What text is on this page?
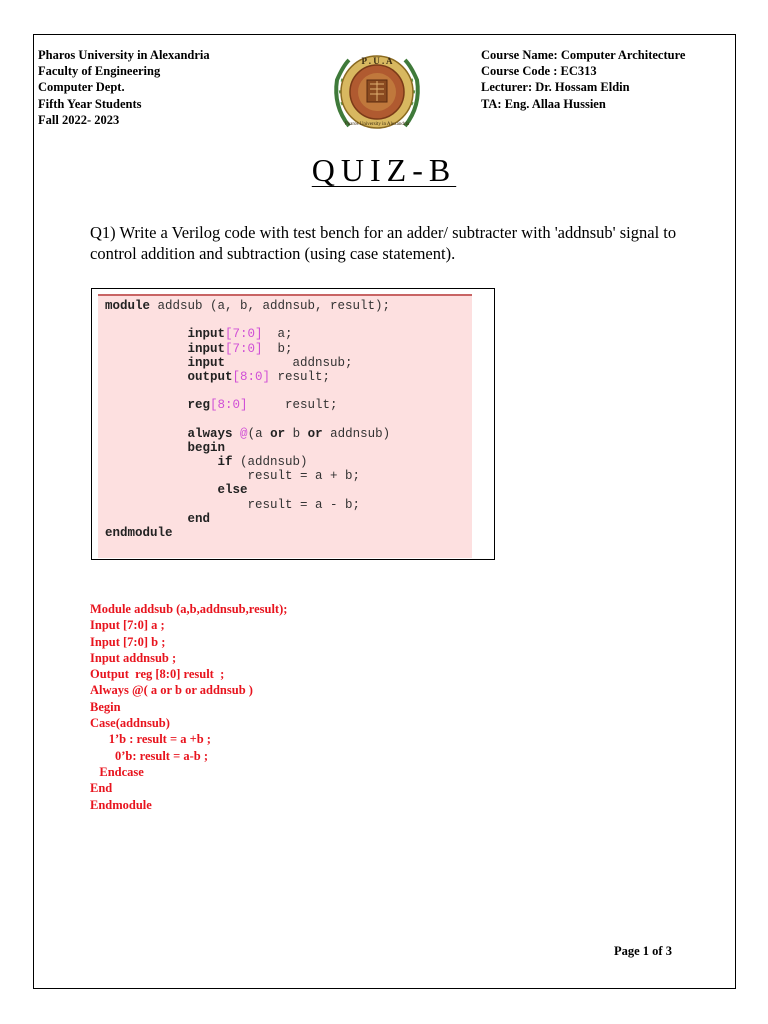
Pharos University in Alexandria
Faculty of Engineering
Computer Dept.
Fifth Year Students
Fall 2022- 2023
P . U . A
Pharos University in Alexandria
Course Name: Computer Architecture
Course Code : EC313
Lecturer: Dr. Hossam Eldin
TA: Eng. Allaa Hussien
QUIZ-B
Q1) Write a Verilog code with test bench for an adder/ subtracter with 'addnsub' signal to control addition and subtraction (using case statement).
module addsub (a, b, addnsub, result);
input[7:0]  a;
input[7:0]  b;
input         addnsub;
output[8:0] result;
reg[8:0]     result;
always @(a or b or addnsub)
begin
if (addnsub)
result = a + b;
else
result = a - b;
end
endmodule
Module addsub (a,b,addnsub,result);
Input [7:0] a ;
Input [7:0] b ;
Input addnsub ;
Output  reg [8:0] result  ;
Always @( a or b or addnsub )
Begin
Case(addnsub)
1’b : result = a +b ;
0’b: result = a-b ;
Endcase
End
Endmodule
Page 1 of 3
